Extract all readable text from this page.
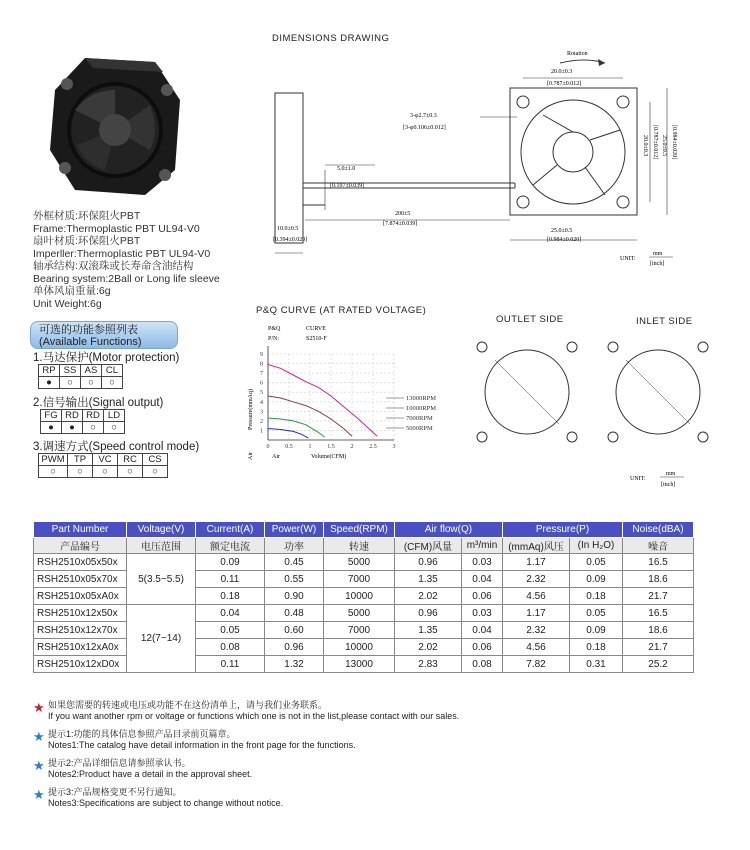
外框材质:环保阻火PBT
Frame:Thermoplastic PBT UL94-V0
扇叶材质:环保阻火PBT
Imperller:Thermoplastic PBT UL94-V0
轴承结构:双滚珠或长寿命含油结构
Bearing system:2Ball or Long life sleeve
单体风扇重量:6g
Unit Weight:6g
DIMENSIONS DRAWING
Rotation
20.0±0.3
[0.787±0.012]
3-φ2.7±0.3
[3-φ0.106±0.012]
5.0±1.0
[0.197±0.039]
10.0±0.5
[0.394±0.020]
200±5
[7.874±0.039]
25.0±0.5
[0.984±0.020]
20.0±0.3 [0.787±0.012] 25.0±0.5 [0.984±0.020]
UNIT:
mm
[inch]
可选的功能参照列表
(Available Functions)
1.马达保护(Motor protection)
RP	SS	AS	CL
●	○	○	○
2.信号输出(Signal output)
FG	RD	RD	LD
●	●	○	○
3.调速方式(Speed control mode)
PWM	TP	VC	RC	CS
○	○	○	○	○
P&Q CURVE (AT RATED VOLTAGE)
P&Q	CURVE
P/N:	S2510-F
Pressure(mmAq)
Air	Air	Volume(CFM)
1
2
3
4
5
6
7
8
9
0	0.5	1	1.5	2	2.5	3
13000RPM
10000RPM
7000RPM
5000RPM
OUTLET SIDE	INLET SIDE
UNIT:
mm
[inch]
Part Number	Voltage(V)	Current(A)	Power(W)	Speed(RPM)	Air flow(Q)		Pressure(P)		Noise(dBA)
产品编号	电压范围	额定电流	功率	转速	(CFM)风量	m³/min	(mmAq)风压	(In H₂O)	噪音
RSH2510x05x50x	5(3.5~5.5)	0.09	0.45	5000	0.96	0.03	1.17	0.05	16.5
RSH2510x05x70x		0.11	0.55	7000	1.35	0.04	2.32	0.09	18.6
RSH2510x05xA0x		0.18	0.90	10000	2.02	0.06	4.56	0.18	21.7
RSH2510x12x50x	12(7~14)	0.04	0.48	5000	0.96	0.03	1.17	0.05	16.5
RSH2510x12x70x		0.05	0.60	7000	1.35	0.04	2.32	0.09	18.6
RSH2510x12xA0x		0.08	0.96	10000	2.02	0.06	4.56	0.18	21.7
RSH2510x12xD0x		0.11	1.32	13000	2.83	0.08	7.82	0.31	25.2
★ 如果您需要的转速或电压或功能不在这份清单上，请与我们业务联系。
If you want another rpm or voltage or functions which one is not in the list,please contact with our sales.
★ 提示1:功能的具体信息参照产品目录前页篇章。
Notes1:The catalog have detail information in the front page for the functions.
★ 提示2:产品详细信息请参照承认书。
Notes2:Product have a detail in the approval sheet.
★ 提示3:产品规格变更不另行通知。
Notes3:Specifications are subject to change without notice.
